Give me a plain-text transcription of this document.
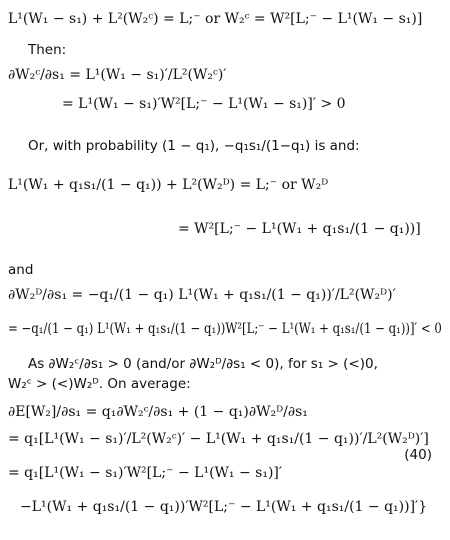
L¹(W₁ − s₁) + L²(W₂ᶜ) = L;⁻ or W₂ᶜ = W²[L;⁻ − L¹(W₁ − s₁)]
Then:
∂W₂ᶜ/∂s₁ = L¹(W₁ − s₁)′/L²(W₂ᶜ)′
= L¹(W₁ − s₁)′W²[L;⁻ − L¹(W₁ − s₁)]′ > 0
Or, with probability (1 − q₁), −q₁s₁/(1−q₁) is and:
L¹(W₁ + q₁s₁/(1 − q₁)) + L²(W₂ᴰ) = L;⁻ or W₂ᴰ
= W²[L;⁻ − L¹(W₁ + q₁s₁/(1 − q₁))]
and
∂W₂ᴰ/∂s₁ = −q₁/(1 − q₁) L¹(W₁ + q₁s₁/(1 − q₁))′/L²(W₂ᴰ)′
= −q₁/(1 − q₁) L¹(W₁ + q₁s₁/(1 − q₁))W²[L;⁻ − L¹(W₁ + q₁s₁/(1 − q₁))]′ < 0
As ∂W₂ᶜ/∂s₁ > 0 (and/or ∂W₂ᴰ/∂s₁ < 0), for s₁ > (<)0,
W₂ᶜ > (<)W₂ᴰ. On average:
∂E[W₂]/∂s₁ = q₁∂W₂ᶜ/∂s₁ + (1 − q₁)∂W₂ᴰ/∂s₁
= q₁[L¹(W₁ − s₁)′/L²(W₂ᶜ)′ − L¹(W₁ + q₁s₁/(1 − q₁))′/L²(W₂ᴰ)′]
= q₁[L¹(W₁ − s₁)′W²[L;⁻ − L¹(W₁ − s₁)]′
−L¹(W₁ + q₁s₁/(1 − q₁))′W²[L;⁻ − L¹(W₁ + q₁s₁/(1 − q₁))]′}
(40)
